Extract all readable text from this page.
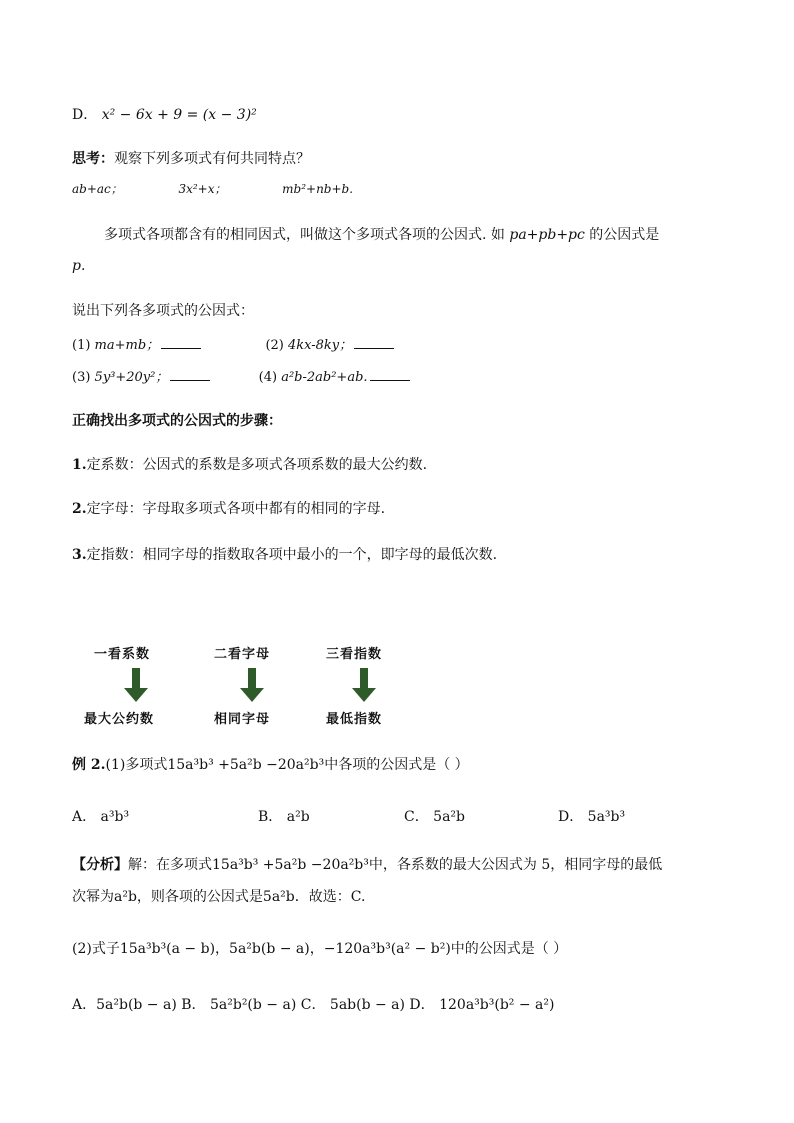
D． x² − 6x + 9 = (x − 3)²
思考：观察下列多项式有何共同特点？
ab+ac；	3x²+x；	mb²+nb+b.
多项式各项都含有的相同因式，叫做这个多项式各项的公因式. 如 pa+pb+pc 的公因式是
p.
说出下列各多项式的公因式：
(1) ma+mb；	(2) 4kx-8ky；
(3) 5y³+20y²；	(4) a²b-2ab²+ab.
正确找出多项式的公因式的步骤：
1.定系数：公因式的系数是多项式各项系数的最大公约数.
2.定字母：字母取多项式各项中都有的相同的字母.
3.定指数：相同字母的指数取各项中最小的一个，即字母的最低次数.
一看系数	二看字母	三看指数
最大公约数	相同字母	最低指数
例 2.(1)多项式15a³b³ +5a²b −20a²b³中各项的公因式是（ ）
A． a³b³	B． a²b	C． 5a²b	D． 5a³b³
【分析】解：在多项式15a³b³ +5a²b −20a²b³中，各系数的最大公因式为 5，相同字母的最低
次幂为a²b，则各项的公因式是5a²b．故选：C.
(2)式子15a³b³(a − b)，5a²b(b − a)，−120a³b³(a² − b²)中的公因式是（ ）
A．5a²b(b − a) B． 5a²b²(b − a) C． 5ab(b − a) D． 120a³b³(b² − a²)
